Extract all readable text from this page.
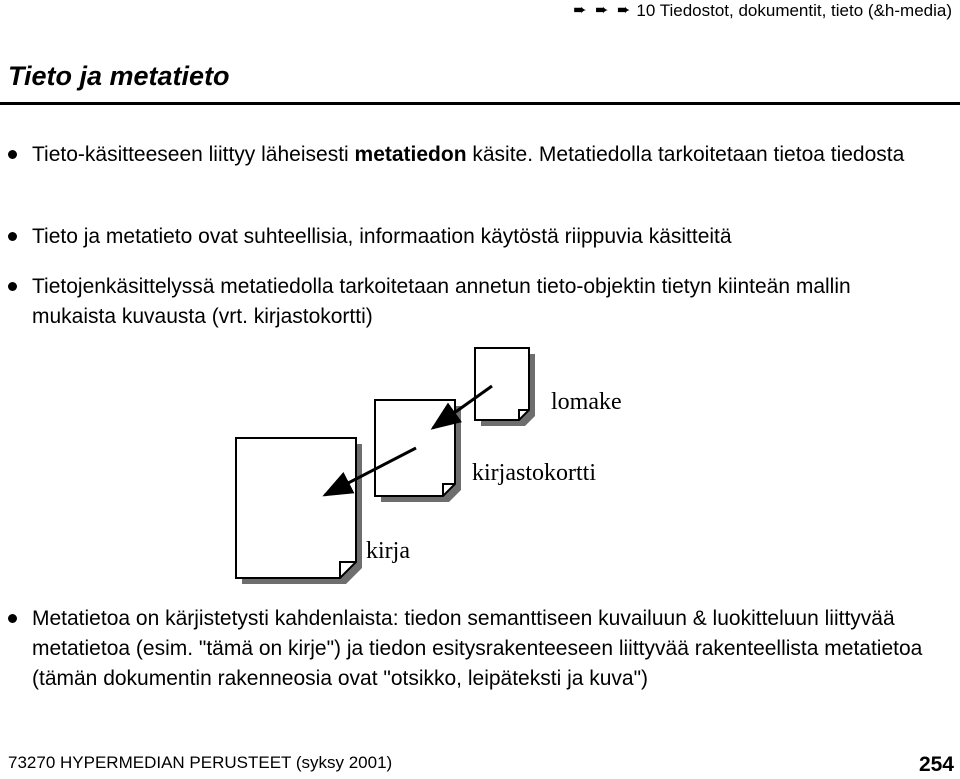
➨ ➨ ➨ 10 Tiedostot, dokumentit, tieto (&h-media)
Tieto ja metatieto
Tieto-käsitteeseen liittyy läheisesti metatiedon käsite. Metatiedolla tarkoitetaan tietoa tiedosta
Tieto ja metatieto ovat suhteellisia, informaation käytöstä riippuvia käsitteitä
Tietojenkäsittelyssä metatiedolla tarkoitetaan annetun tieto-objektin tietyn kiinteän mallin mukaista kuvausta (vrt. kirjastokortti)
lomake
kirjastokortti
kirja
Metatietoa on kärjistetysti kahdenlaista: tiedon semanttiseen kuvailuun & luokitteluun liittyvää metatietoa (esim. "tämä on kirje") ja tiedon esitysrakenteeseen liittyvää rakenteellista metatietoa (tämän dokumentin rakenneosia ovat "otsikko, leipäteksti ja kuva")
73270 HYPERMEDIAN PERUSTEET (syksy 2001)	254
